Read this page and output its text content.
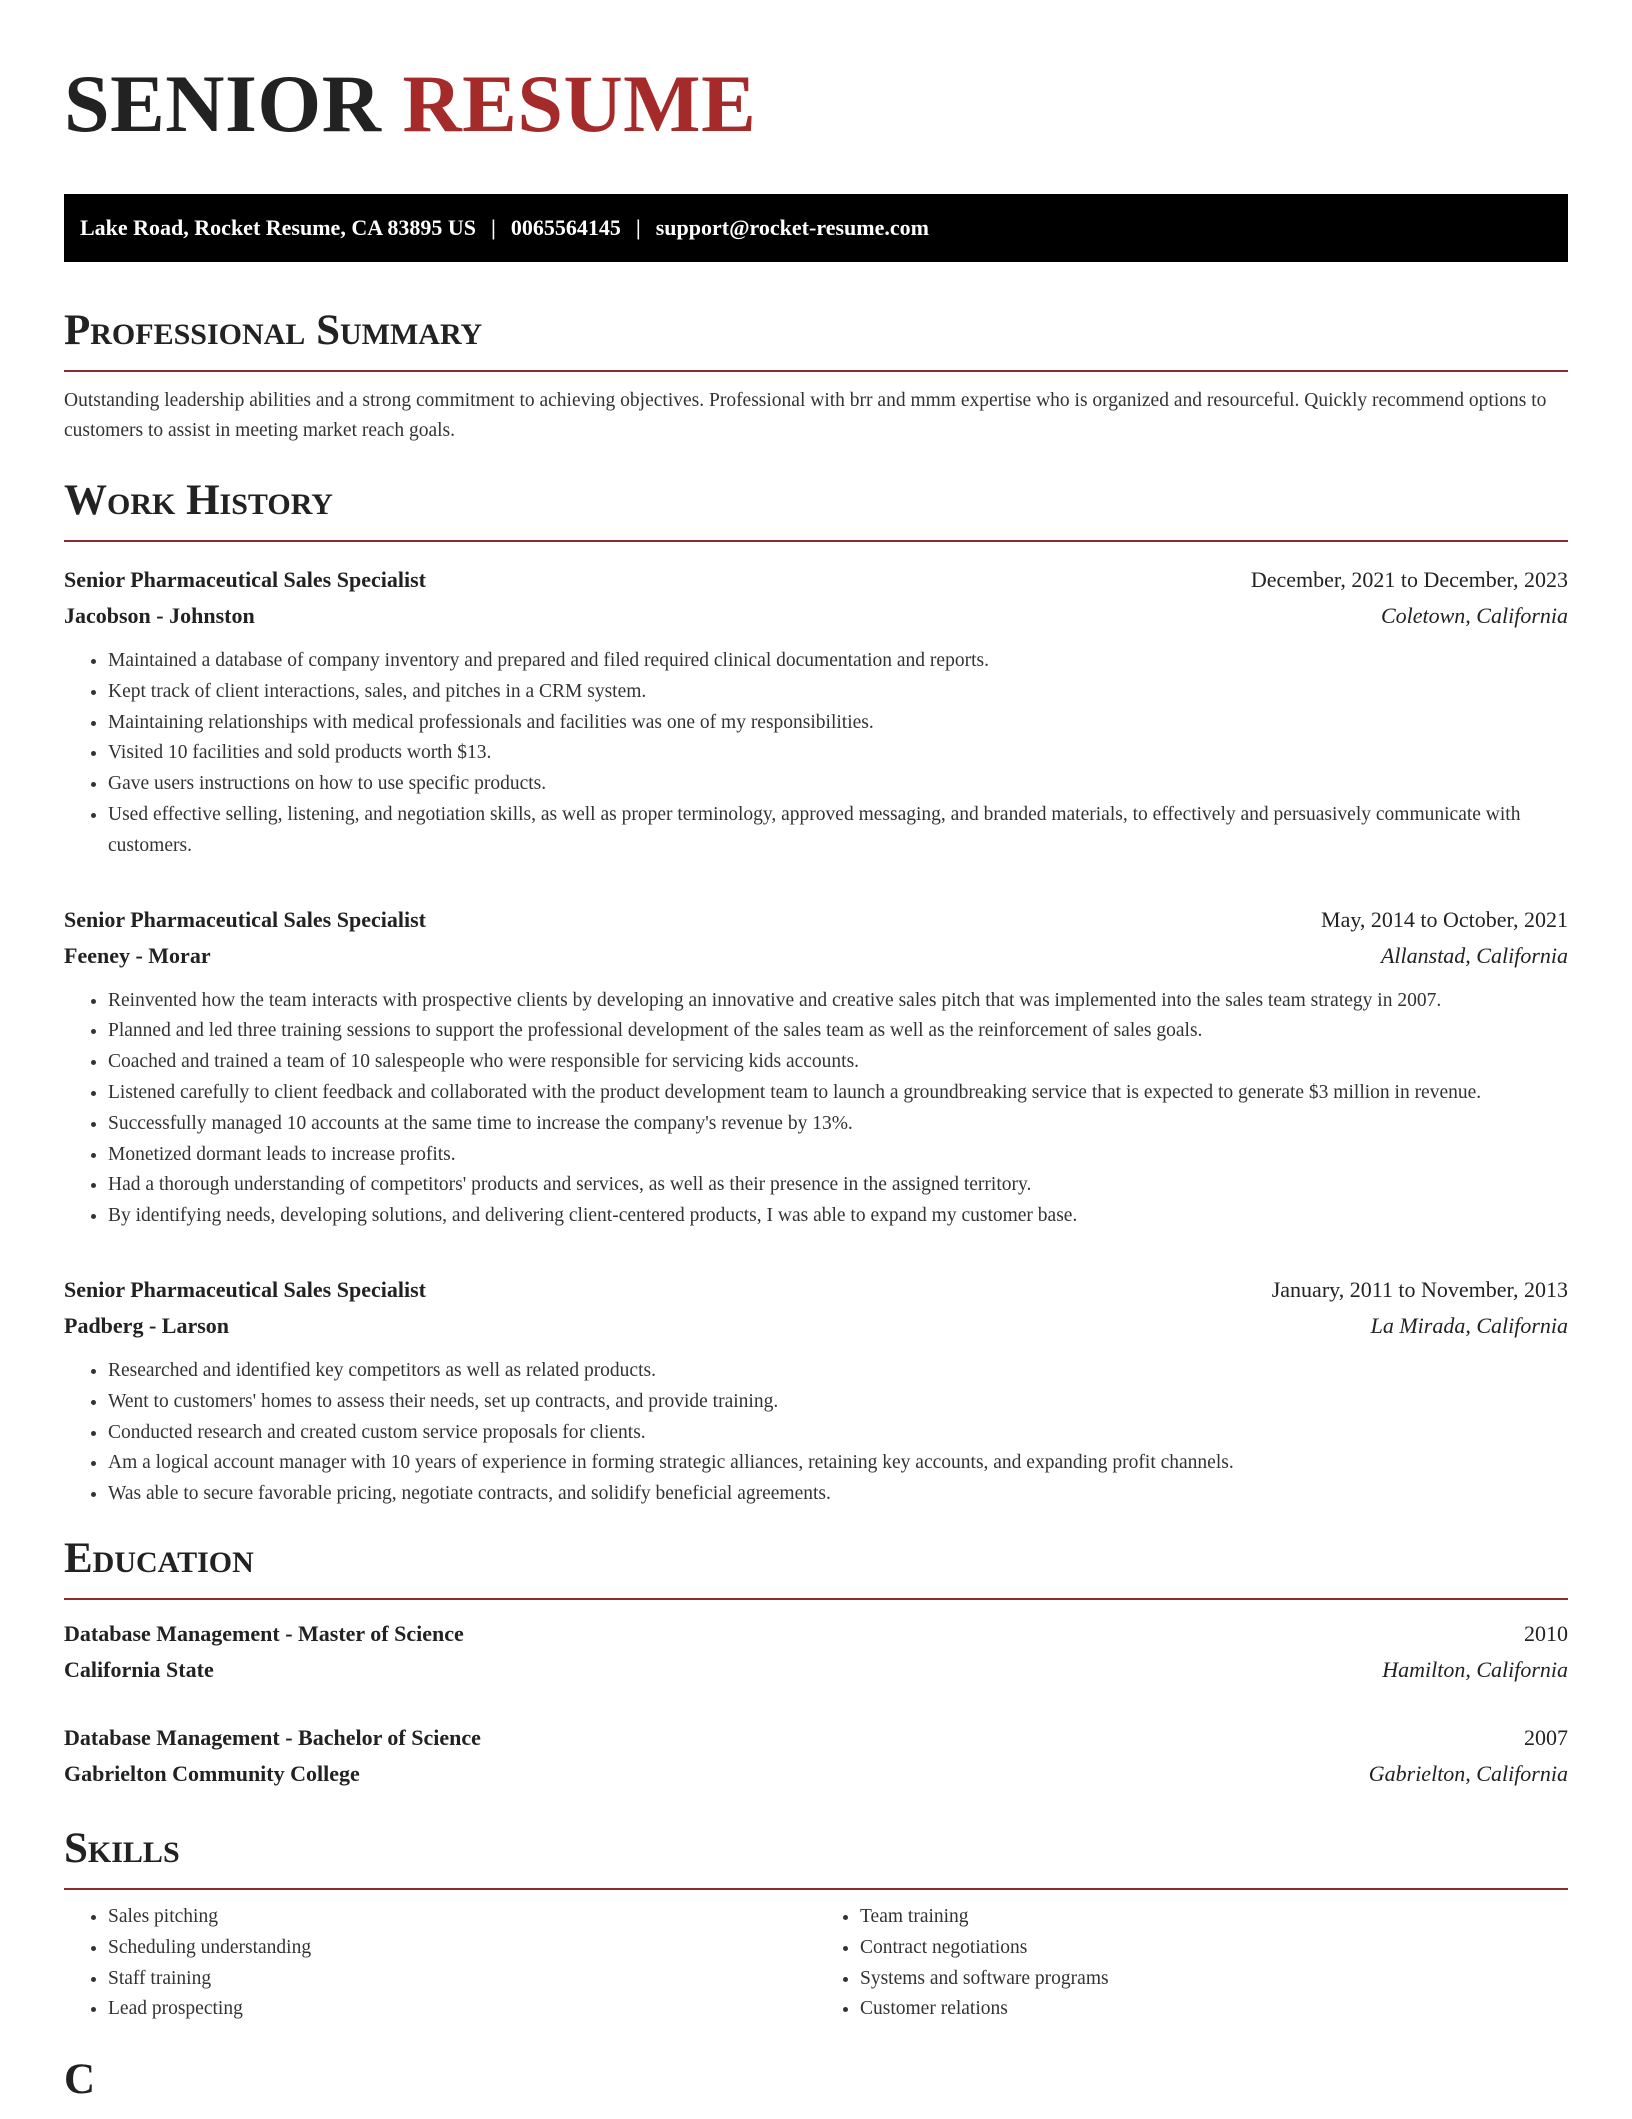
SENIOR RESUME
Lake Road, Rocket Resume, CA 83895 US | 0065564145 | support@rocket-resume.com
Professional Summary

Outstanding leadership abilities and a strong commitment to achieving objectives. Professional with brr and mmm expertise who is organized and resourceful. Quickly recommend options to customers to assist in meeting market reach goals.

Work History
Senior Pharmaceutical Sales Specialist	December, 2021 to December, 2023
Jacobson - Johnston	Coletown, California
• Maintained a database of company inventory and prepared and filed required clinical documentation and reports.
• Kept track of client interactions, sales, and pitches in a CRM system.
• Maintaining relationships with medical professionals and facilities was one of my responsibilities.
• Visited 10 facilities and sold products worth $13.
• Gave users instructions on how to use specific products.
• Used effective selling, listening, and negotiation skills, as well as proper terminology, approved messaging, and branded materials, to effectively and persuasively communicate with customers.
Senior Pharmaceutical Sales Specialist	May, 2014 to October, 2021
Feeney - Morar	Allanstad, California
• Reinvented how the team interacts with prospective clients by developing an innovative and creative sales pitch that was implemented into the sales team strategy in 2007.
• Planned and led three training sessions to support the professional development of the sales team as well as the reinforcement of sales goals.
• Coached and trained a team of 10 salespeople who were responsible for servicing kids accounts.
• Listened carefully to client feedback and collaborated with the product development team to launch a groundbreaking service that is expected to generate $3 million in revenue.
• Successfully managed 10 accounts at the same time to increase the company's revenue by 13%.
• Monetized dormant leads to increase profits.
• Had a thorough understanding of competitors' products and services, as well as their presence in the assigned territory.
• By identifying needs, developing solutions, and delivering client-centered products, I was able to expand my customer base.
Senior Pharmaceutical Sales Specialist	January, 2011 to November, 2013
Padberg - Larson	La Mirada, California
• Researched and identified key competitors as well as related products.
• Went to customers' homes to assess their needs, set up contracts, and provide training.
• Conducted research and created custom service proposals for clients.
• Am a logical account manager with 10 years of experience in forming strategic alliances, retaining key accounts, and expanding profit channels.
• Was able to secure favorable pricing, negotiate contracts, and solidify beneficial agreements.
Education
Database Management - Master of Science	2010
California State	Hamilton, California
Database Management - Bachelor of Science	2007
Gabrielton Community College	Gabrielton, California
Skills
• Sales pitching
• Scheduling understanding
• Staff training
• Lead prospecting
• Team training
• Contract negotiations
• Systems and software programs
• Customer relations
C
